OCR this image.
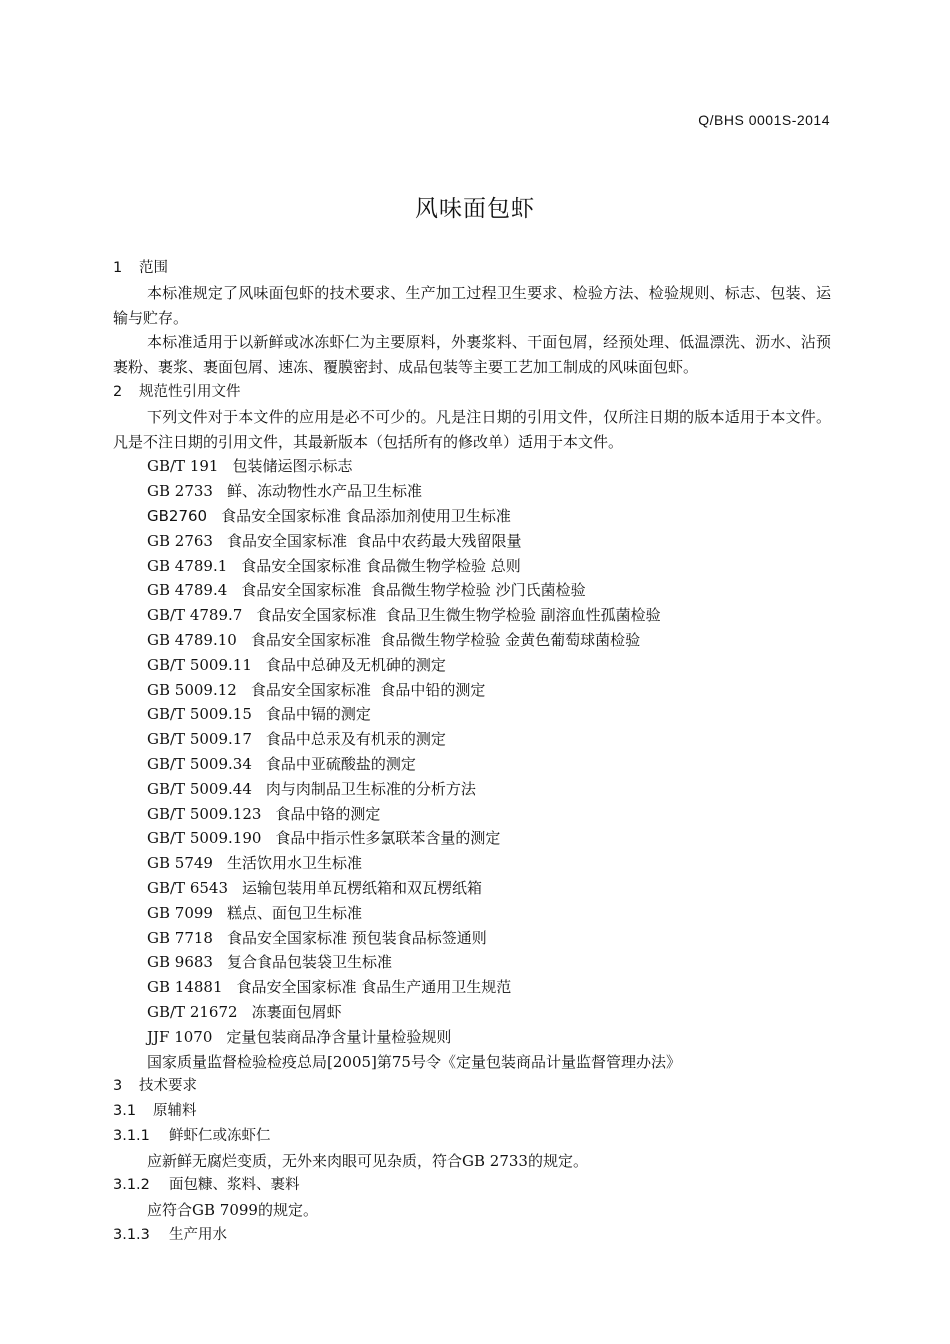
Q/BHS 0001S-2014
风味面包虾
1 范围

本标准规定了风味面包虾的技术要求、生产加工过程卫生要求、检验方法、检验规则、标志、包装、运输与贮存。

本标准适用于以新鲜或冰冻虾仁为主要原料，外裹浆料、干面包屑，经预处理、低温漂洗、沥水、沾预裹粉、裹浆、裹面包屑、速冻、覆膜密封、成品包装等主要工艺加工制成的风味面包虾。

2 规范性引用文件

下列文件对于本文件的应用是必不可少的。凡是注日期的引用文件，仅所注日期的版本适用于本文件。凡是不注日期的引用文件，其最新版本（包括所有的修改单）适用于本文件。

GB/T 191 包装储运图示标志
GB 2733 鲜、冻动物性水产品卫生标准
GB2760 食品安全国家标准 食品添加剂使用卫生标准
GB 2763 食品安全国家标准  食品中农药最大残留限量
GB 4789.1 食品安全国家标准 食品微生物学检验 总则
GB 4789.4 食品安全国家标准  食品微生物学检验 沙门氏菌检验
GB/T 4789.7 食品安全国家标准  食品卫生微生物学检验 副溶血性孤菌检验
GB 4789.10 食品安全国家标准  食品微生物学检验 金黄色葡萄球菌检验
GB/T 5009.11 食品中总砷及无机砷的测定
GB 5009.12 食品安全国家标准  食品中铅的测定
GB/T 5009.15 食品中镉的测定
GB/T 5009.17 食品中总汞及有机汞的测定
GB/T 5009.34 食品中亚硫酸盐的测定
GB/T 5009.44 肉与肉制品卫生标准的分析方法
GB/T 5009.123 食品中铬的测定
GB/T 5009.190 食品中指示性多氯联苯含量的测定
GB 5749 生活饮用水卫生标准
GB/T 6543 运输包装用单瓦楞纸箱和双瓦楞纸箱
GB 7099 糕点、面包卫生标准
GB 7718 食品安全国家标准 预包装食品标签通则
GB 9683 复合食品包装袋卫生标准
GB 14881 食品安全国家标准 食品生产通用卫生规范
GB/T 21672 冻裹面包屑虾
JJF 1070 定量包装商品净含量计量检验规则

国家质量监督检验检疫总局[2005]第75号令《定量包装商品计量监督管理办法》

3 技术要求
3.1 原辅料
3.1.1 鲜虾仁或冻虾仁

应新鲜无腐烂变质，无外来肉眼可见杂质，符合GB 2733的规定。

3.1.2 面包糠、浆料、裹料

应符合GB 7099的规定。

3.1.3 生产用水
